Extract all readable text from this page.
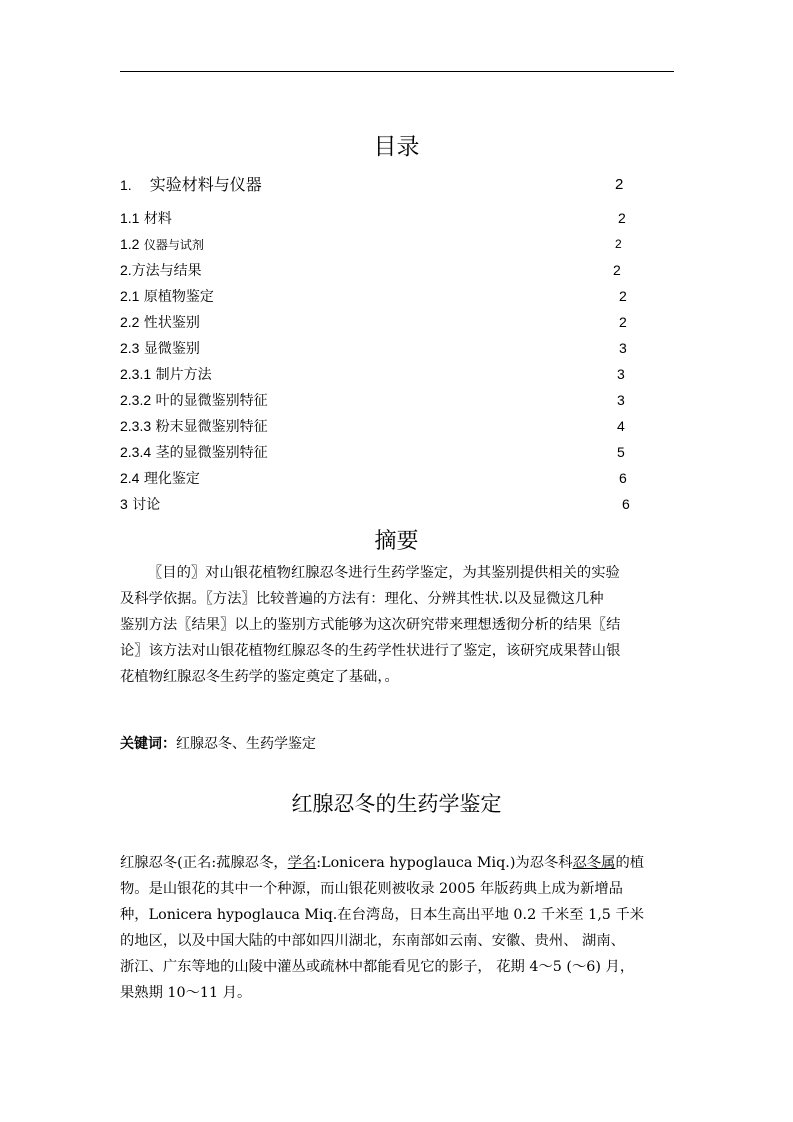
目录
1. 实验材料与仪器	2
1.1 材料	2
1.2 仪器与试剂	2
2.方法与结果	2
2.1 原植物鉴定	2
2.2 性状鉴别	2
2.3 显微鉴别	3
2.3.1 制片方法	3
2.3.2 叶的显微鉴别特征	3
2.3.3 粉末显微鉴别特征	4
2.3.4 茎的显微鉴别特征	5
2.4 理化鉴定	6
3 讨论	6
摘要
〖目的〗对山银花植物红腺忍冬进行生药学鉴定，为其鉴别提供相关的实验
及科学依据。〖方法〗比较普遍的方法有：理化、分辨其性状.以及显微这几种
鉴别方法〖结果〗以上的鉴别方式能够为这次研究带来理想透彻分析的结果〖结
论〗该方法对山银花植物红腺忍冬的生药学性状进行了鉴定，该研究成果替山银
花植物红腺忍冬生药学的鉴定奠定了基础，。
关键词：红腺忍冬、生药学鉴定
红腺忍冬的生药学鉴定
红腺忍冬(正名:菰腺忍冬，学名:Lonicera hypoglauca Miq.)为忍冬科忍冬属的植
物。是山银花的其中一个种源，而山银花则被收录 2005 年版药典上成为新增品
种，Lonicera hypoglauca Miq.在台湾岛，日本生高出平地 0.2 千米至 1,5 千米
的地区，以及中国大陆的中部如四川湖北，东南部如云南、安徽、贵州、 湖南、
浙江、广东等地的山陵中灌丛或疏林中都能看见它的影子， 花期 4～5 (～6) 月，
果熟期 10～11 月。
